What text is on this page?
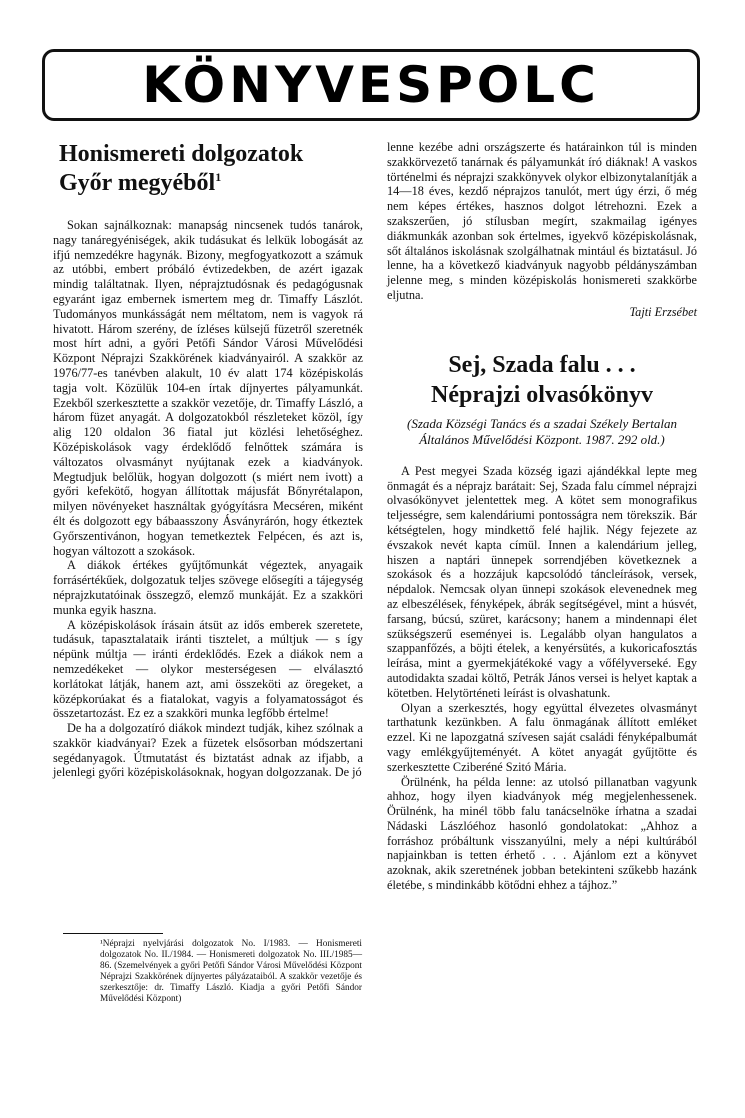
KÖNYVESPOLC
Honismereti dolgozatok
Győr megyéből$^1$

Sokan sajnálkoznak: manapság nincsenek tudós tanárok, nagy tanáregyéniségek, akik tudásukat és lelkük lobogását az ifjú nemzedékre hagynák. Bizony, megfogyatkozott a számuk az utóbbi, embert próbáló évtizedekben, de azért igazak mindig találtatnak. Ilyen, néprajztudósnak és pedagógusnak egyaránt igaz embernek ismertem meg dr. Timaffy Lászlót. Tudományos munkásságát nem méltatom, nem is vagyok rá hivatott. Három szerény, de ízléses külsejű füzetről szeretnék most hírt adni, a győri Petőfi Sándor Városi Művelődési Központ Néprajzi Szakkörének kiadványairól. A szakkör az 1976/77-es tanévben alakult, 10 év alatt 174 középiskolás tagja volt. Közülük 104-en írtak díjnyertes pályamunkát. Ezekből szerkesztette a szakkör vezetője, dr. Timaffy László, a három füzet anyagát. A dolgozatokból részleteket közöl, így alig 120 oldalon 36 fiatal jut közlési lehetőséghez. Középiskolások vagy érdeklődő felnőttek számára is változatos olvasmányt nyújtanak ezek a kiadványok. Megtudjuk belőlük, hogyan dolgozott (s miért nem ivott) a győri kefekötő, hogyan állítottak májusfát Bőnyrétalapon, milyen növényeket használtak gyógyításra Mecséren, miként élt és dolgozott egy bábaasszony Ásványrárón, hogy étkeztek Győrszentivánon, hogyan temetkeztek Felpécen, és azt is, hogyan változott a szokások.

A diákok értékes gyűjtőmunkát végeztek, anyagaik forrásértékűek, dolgozatuk teljes szövege elősegíti a tájegység néprajzkutatóinak összegző, elemző munkáját. Ez a szakköri munka egyik haszna.

A középiskolások írásain átsüt az idős emberek szeretete, tudásuk, tapasztalataik iránti tisztelet, a múltjuk — s így népünk múltja — iránti érdeklődés. Ezek a diákok nem a nemzedékeket — olykor mesterségesen — elválasztó korlátokat látják, hanem azt, ami összeköti az öregeket, a középkorúakat és a fiatalokat, vagyis a folyamatosságot és összetartozást. Ez ez a szakköri munka legfőbb értelme!

De ha a dolgozatíró diákok mindezt tudják, kihez szólnak a szakkör kiadványai? Ezek a füzetek elsősorban módszertani segédanyagok. Útmutatást és biztatást adnak az ifjabb, a jelenlegi győri középiskolásoknak, hogyan dolgozzanak. De jó

¹Néprajzi nyelvjárási dolgozatok No. I/1983. — Honismereti dolgozatok No. II./1984. — Honismereti dolgozatok No. III./1985—86. (Szemelvények a győri Petőfi Sándor Városi Művelődési Központ Néprajzi Szakkörének díjnyertes pályázataiból. A szakkör vezetője és szerkesztője: dr. Timaffy László. Kiadja a győri Petőfi Sándor Művelődési Központ)

lenne kezébe adni országszerte és határainkon túl is minden szakkörvezető tanárnak és pályamunkát író diáknak! A vaskos történelmi és néprajzi szakkönyvek olykor elbizonytalanítják a 14—18 éves, kezdő néprajzos tanulót, mert úgy érzi, ő még nem képes értékes, hasznos dolgot létrehozni. Ezek a szakszerűen, jó stílusban megírt, szakmailag igényes diákmunkák azonban sok értelmes, igyekvő középiskolásnak, sőt általános iskolásnak szolgálhatnak mintául és biztatásul. Jó lenne, ha a következő kiadványuk nagyobb példányszámban jelenne meg, s minden középiskolás honismereti szakkörbe eljutna.

Tajti Erzsébet

Sej, Szada falu . . .
Néprajzi olvasókönyv

(Szada Községi Tanács és a szadai Székely Bertalan Általános Művelődési Központ. 1987. 292 old.)

A Pest megyei Szada község igazi ajándékkal lepte meg önmagát és a néprajz barátait: Sej, Szada falu címmel néprajzi olvasókönyvet jelentettek meg. A kötet sem monografikus teljességre, sem kalendáriumi pontosságra nem törekszik. Bár kétségtelen, hogy mindkettő felé hajlik. Négy fejezete az évszakok nevét kapta címül. Innen a kalendárium jelleg, hiszen a naptári ünnepek sorrendjében következnek a szokások és a hozzájuk kapcsolódó táncleírások, versek, népdalok. Nemcsak olyan ünnepi szokások elevenednek meg az elbeszélések, fényképek, ábrák segítségével, mint a húsvét, farsang, búcsú, szüret, karácsony; hanem a mindennapi élet szükségszerű eseményei is. Legalább olyan hangulatos a szappanfőzés, a böjti ételek, a kenyérsütés, a kukoricafosztás leírása, mint a gyermekjátékoké vagy a vőfélyverseké. Egy autodidakta szadai költő, Petrák János versei is helyet kaptak a kötetben. Helytörténeti leírást is olvashatunk.

Olyan a szerkesztés, hogy együttal élvezetes olvasmányt tarthatunk kezünkben. A falu önmagának állított emléket ezzel. Ki ne lapozgatná szívesen saját családi fényképalbumát vagy emlékgyűjteményét. A kötet anyagát gyűjtötte és szerkesztette Cziberéné Szitó Mária.

Örülnénk, ha példa lenne: az utolsó pillanatban vagyunk ahhoz, hogy ilyen kiadványok még megjelenhessenek. Örülnénk, ha minél több falu tanácselnöke írhatna a szadai Nádaski Lászlóéhoz hasonló gondolatokat: „Ahhoz a forráshoz próbáltunk visszanyúlni, mely a népi kultúrából napjainkban is tetten érhető . . . Ajánlom ezt a könyvet azoknak, akik szeretnének jobban betekinteni szűkebb hazánk életébe, s mindinkább kötődni ehhez a tájhoz.”
